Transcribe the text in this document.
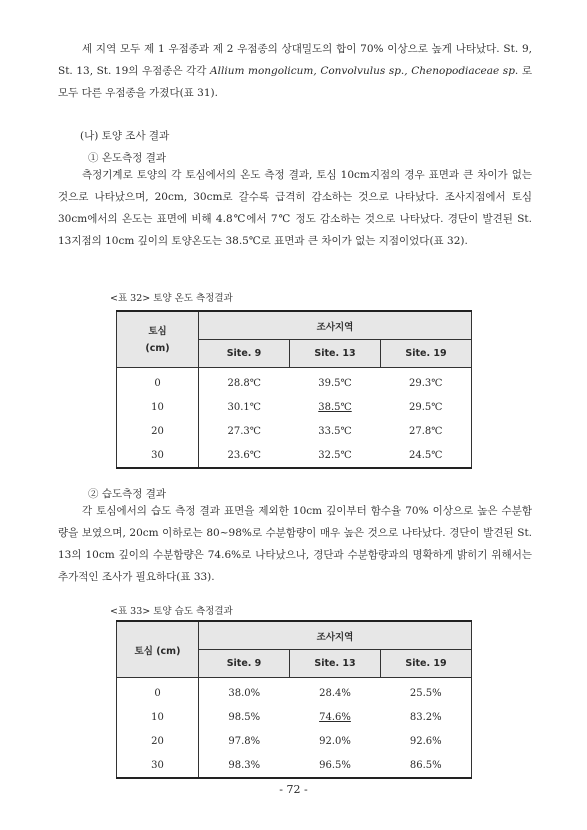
세 지역 모두 제 1 우점종과 제 2 우점종의 상대밀도의 합이 70% 이상으로 높게 나타났다. St. 9, St. 13, St. 19의 우점종은 각각 Allium mongolicum, Convolvulus sp., Chenopodiaceae sp. 로 모두 다른 우점종을 가졌다(표 31).

(나) 토양 조사 결과

① 온도측정 결과

측정기계로 토양의 각 토심에서의 온도 측정 결과, 토심 10cm지점의 경우 표면과 큰 차이가 없는 것으로 나타났으며, 20cm, 30cm로 갈수록 급격히 감소하는 것으로 나타났다. 조사지점에서 토심 30cm에서의 온도는 표면에 비해 4.8℃에서 7℃ 정도 감소하는 것으로 나타났다. 경단이 발견된 St. 13지점의 10cm 깊이의 토양온도는 38.5℃로 표면과 큰 차이가 없는 지점이었다(표 32).

<표 32> 토양 온도 측정결과

토심
(cm)	조사지역		
	Site. 9	Site. 13	Site. 19
0	28.8℃	39.5℃	29.3℃
10	30.1℃	38.5℃	29.5℃
20	27.3℃	33.5℃	27.8℃
30	23.6℃	32.5℃	24.5℃

② 습도측정 결과

각 토심에서의 습도 측정 결과 표면을 제외한 10cm 깊이부터 함수율 70% 이상으로 높은 수분함량을 보였으며, 20cm 이하로는 80~98%로 수분함량이 매우 높은 것으로 나타났다. 경단이 발견된 St. 13의 10cm 깊이의 수분함량은 74.6%로 나타났으나, 경단과 수분함량과의 명확하게 밝히기 위해서는 추가적인 조사가 필요하다(표 33).

<표 33> 토양 습도 측정결과

토심 (cm)	조사지역		
	Site. 9	Site. 13	Site. 19
0	38.0%	28.4%	25.5%
10	98.5%	74.6%	83.2%
20	97.8%	92.0%	92.6%
30	98.3%	96.5%	86.5%

- 72 -
